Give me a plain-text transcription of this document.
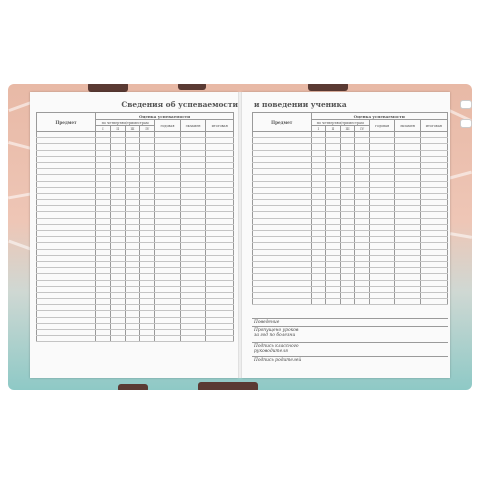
Сведения об успеваемости и поведении ученика
Предмет	Оценка успеваемости						
	по четвертям/триместрам				годовая	экзамен	итоговая
	I	II	III	IV			

Предмет	Оценка успеваемости						
	по четвертям/триместрам				годовая	экзамен	итоговая
	I	II	III	IV			

Поведение
Пропущено уроков
за год по болезни
Подпись классного
руководителя
Подпись родителей
